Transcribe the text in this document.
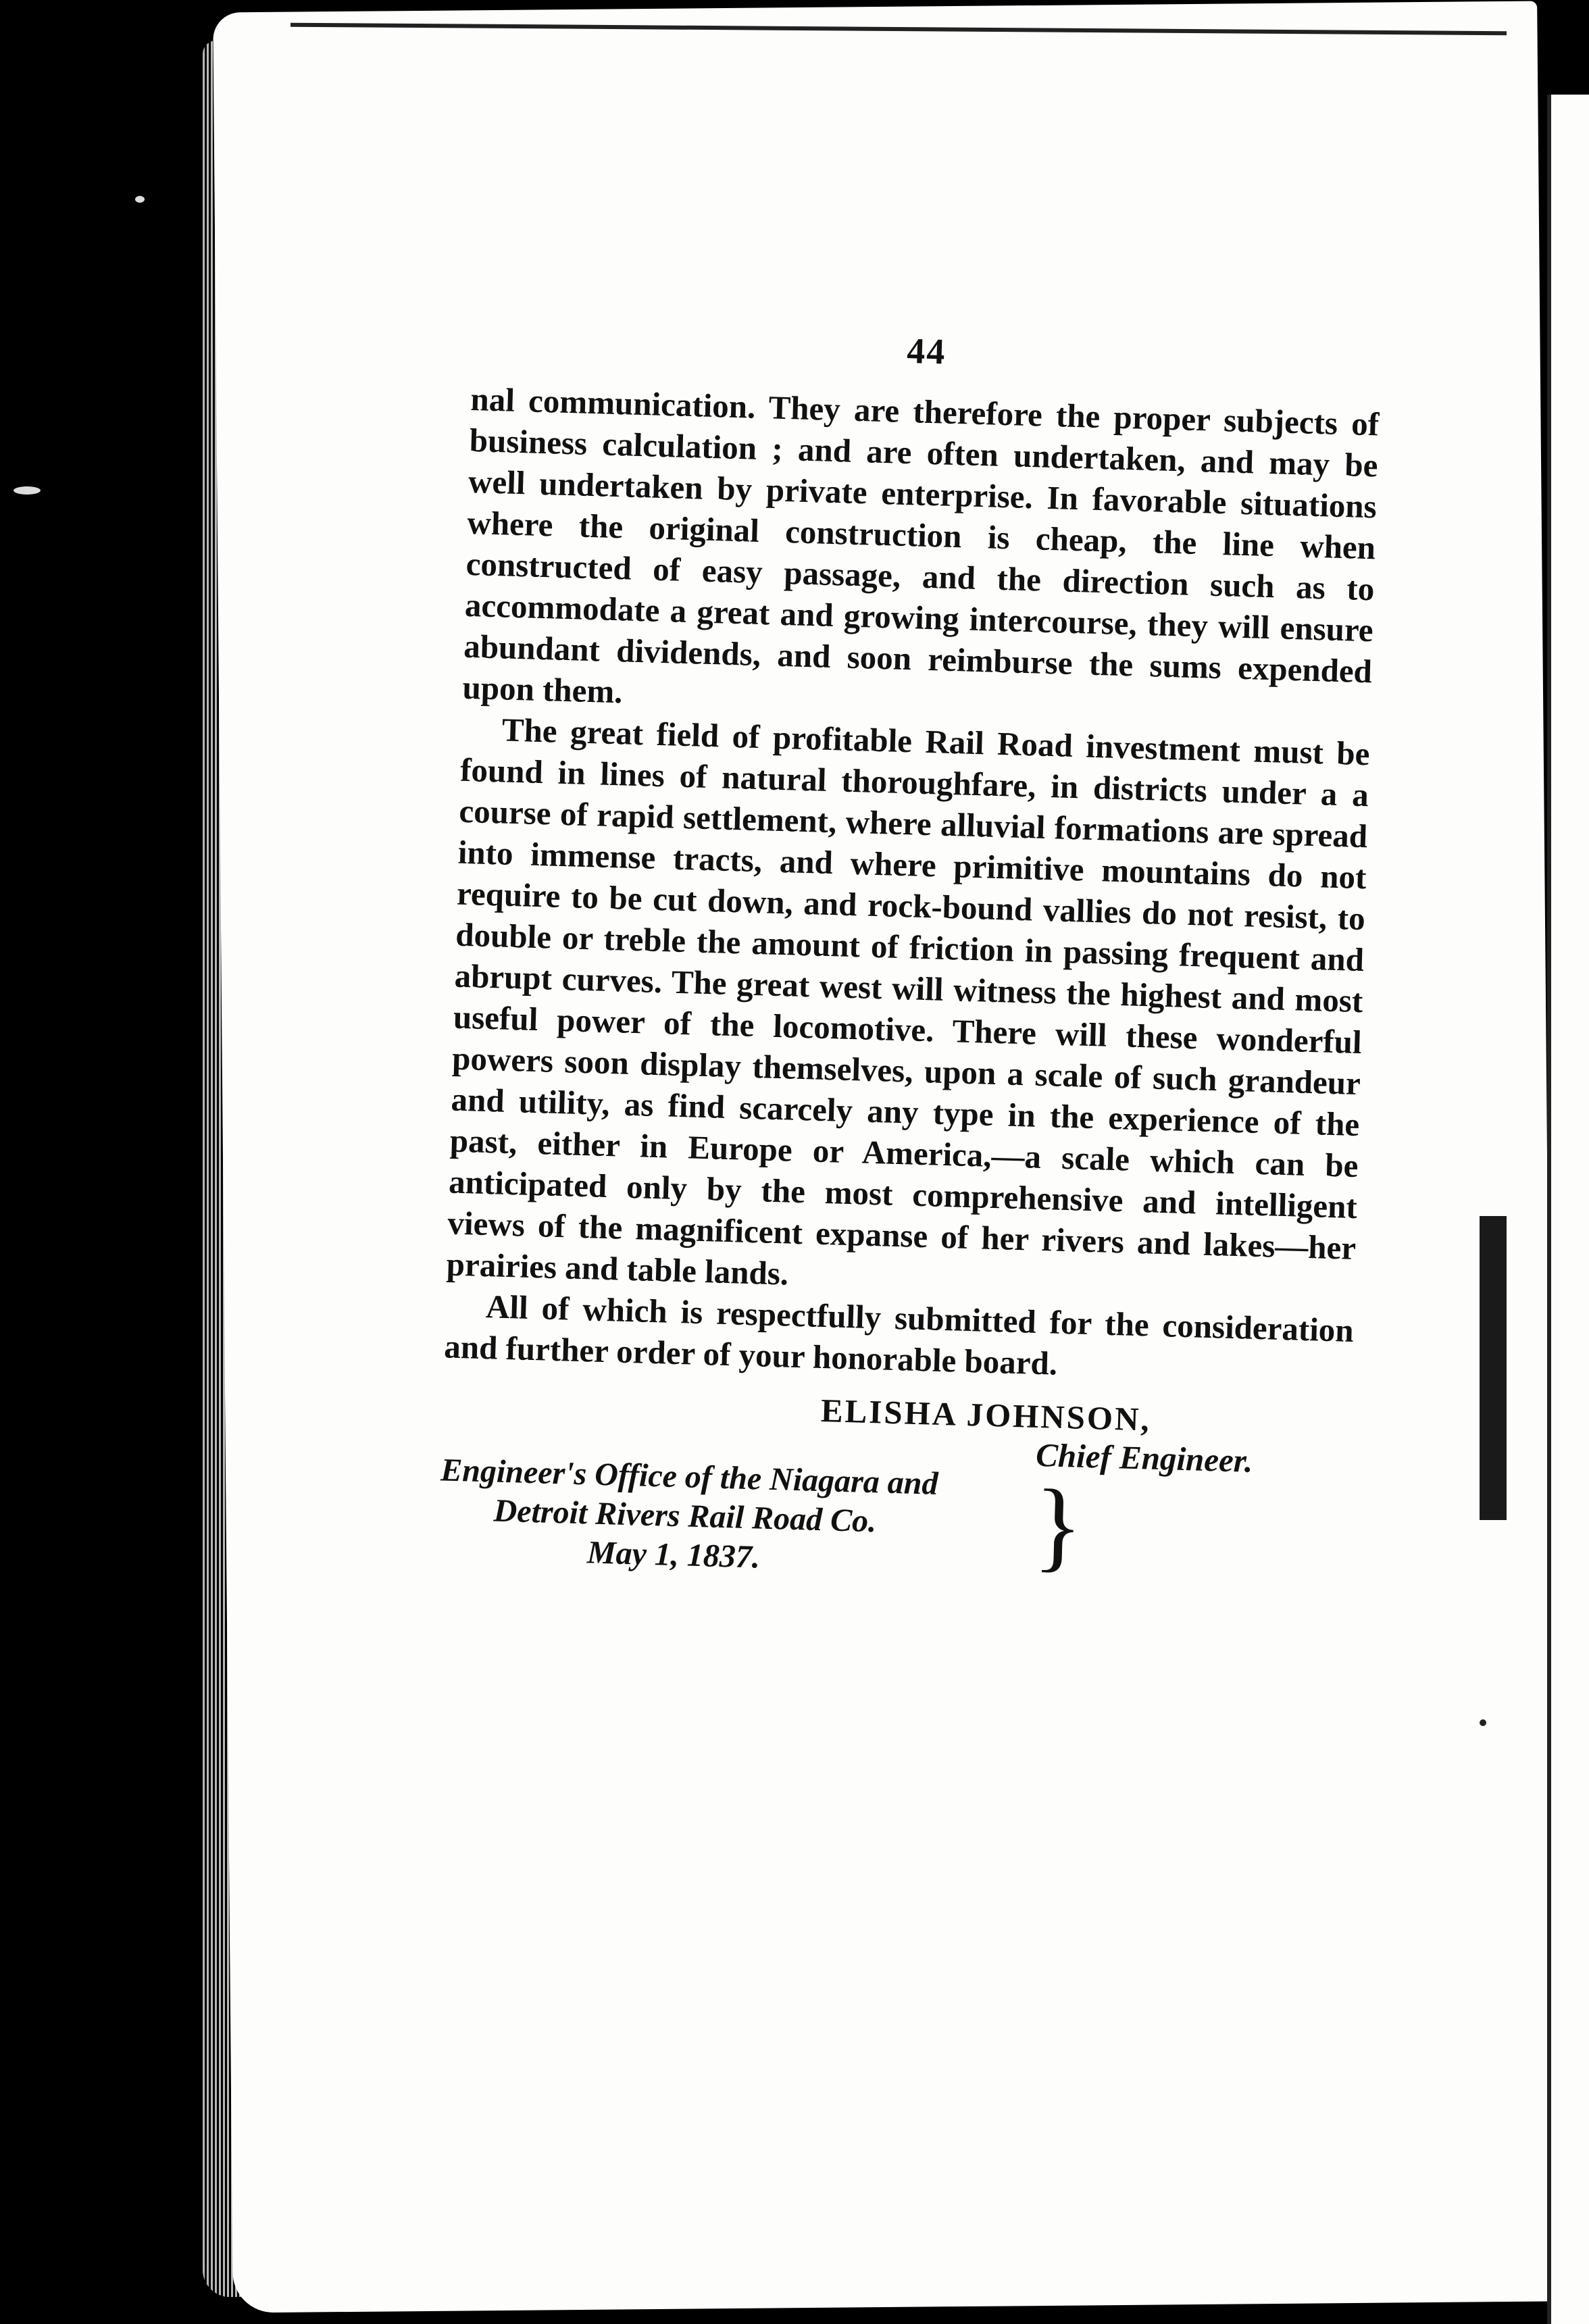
44

nal communication. They are therefore the proper subjects of business calculation ; and are often undertaken, and may be well undertaken by private enterprise. In favorable situations where the original construction is cheap, the line when constructed of easy passage, and the direction such as to accommodate a great and growing intercourse, they will ensure abundant dividends, and soon reimburse the sums expended upon them.

The great field of profitable Rail Road investment must be found in lines of natural thoroughfare, in districts under a a course of rapid settlement, where alluvial formations are spread into immense tracts, and where primitive mountains do not require to be cut down, and rock-bound vallies do not resist, to double or treble the amount of friction in passing frequent and abrupt curves. The great west will witness the highest and most useful power of the locomotive. There will these wonderful powers soon display themselves, upon a scale of such grandeur and utility, as find scarcely any type in the experience of the past, either in Europe or America,—a scale which can be anticipated only by the most comprehensive and intelligent views of the magnificent expanse of her rivers and lakes—her prairies and table lands.

All of which is respectfully submitted for the consideration and further order of your honorable board.

ELISHA JOHNSON,
Chief Engineer.
Engineer's Office of the Niagara and
Detroit Rivers Rail Road Co.
May 1, 1837.	}
